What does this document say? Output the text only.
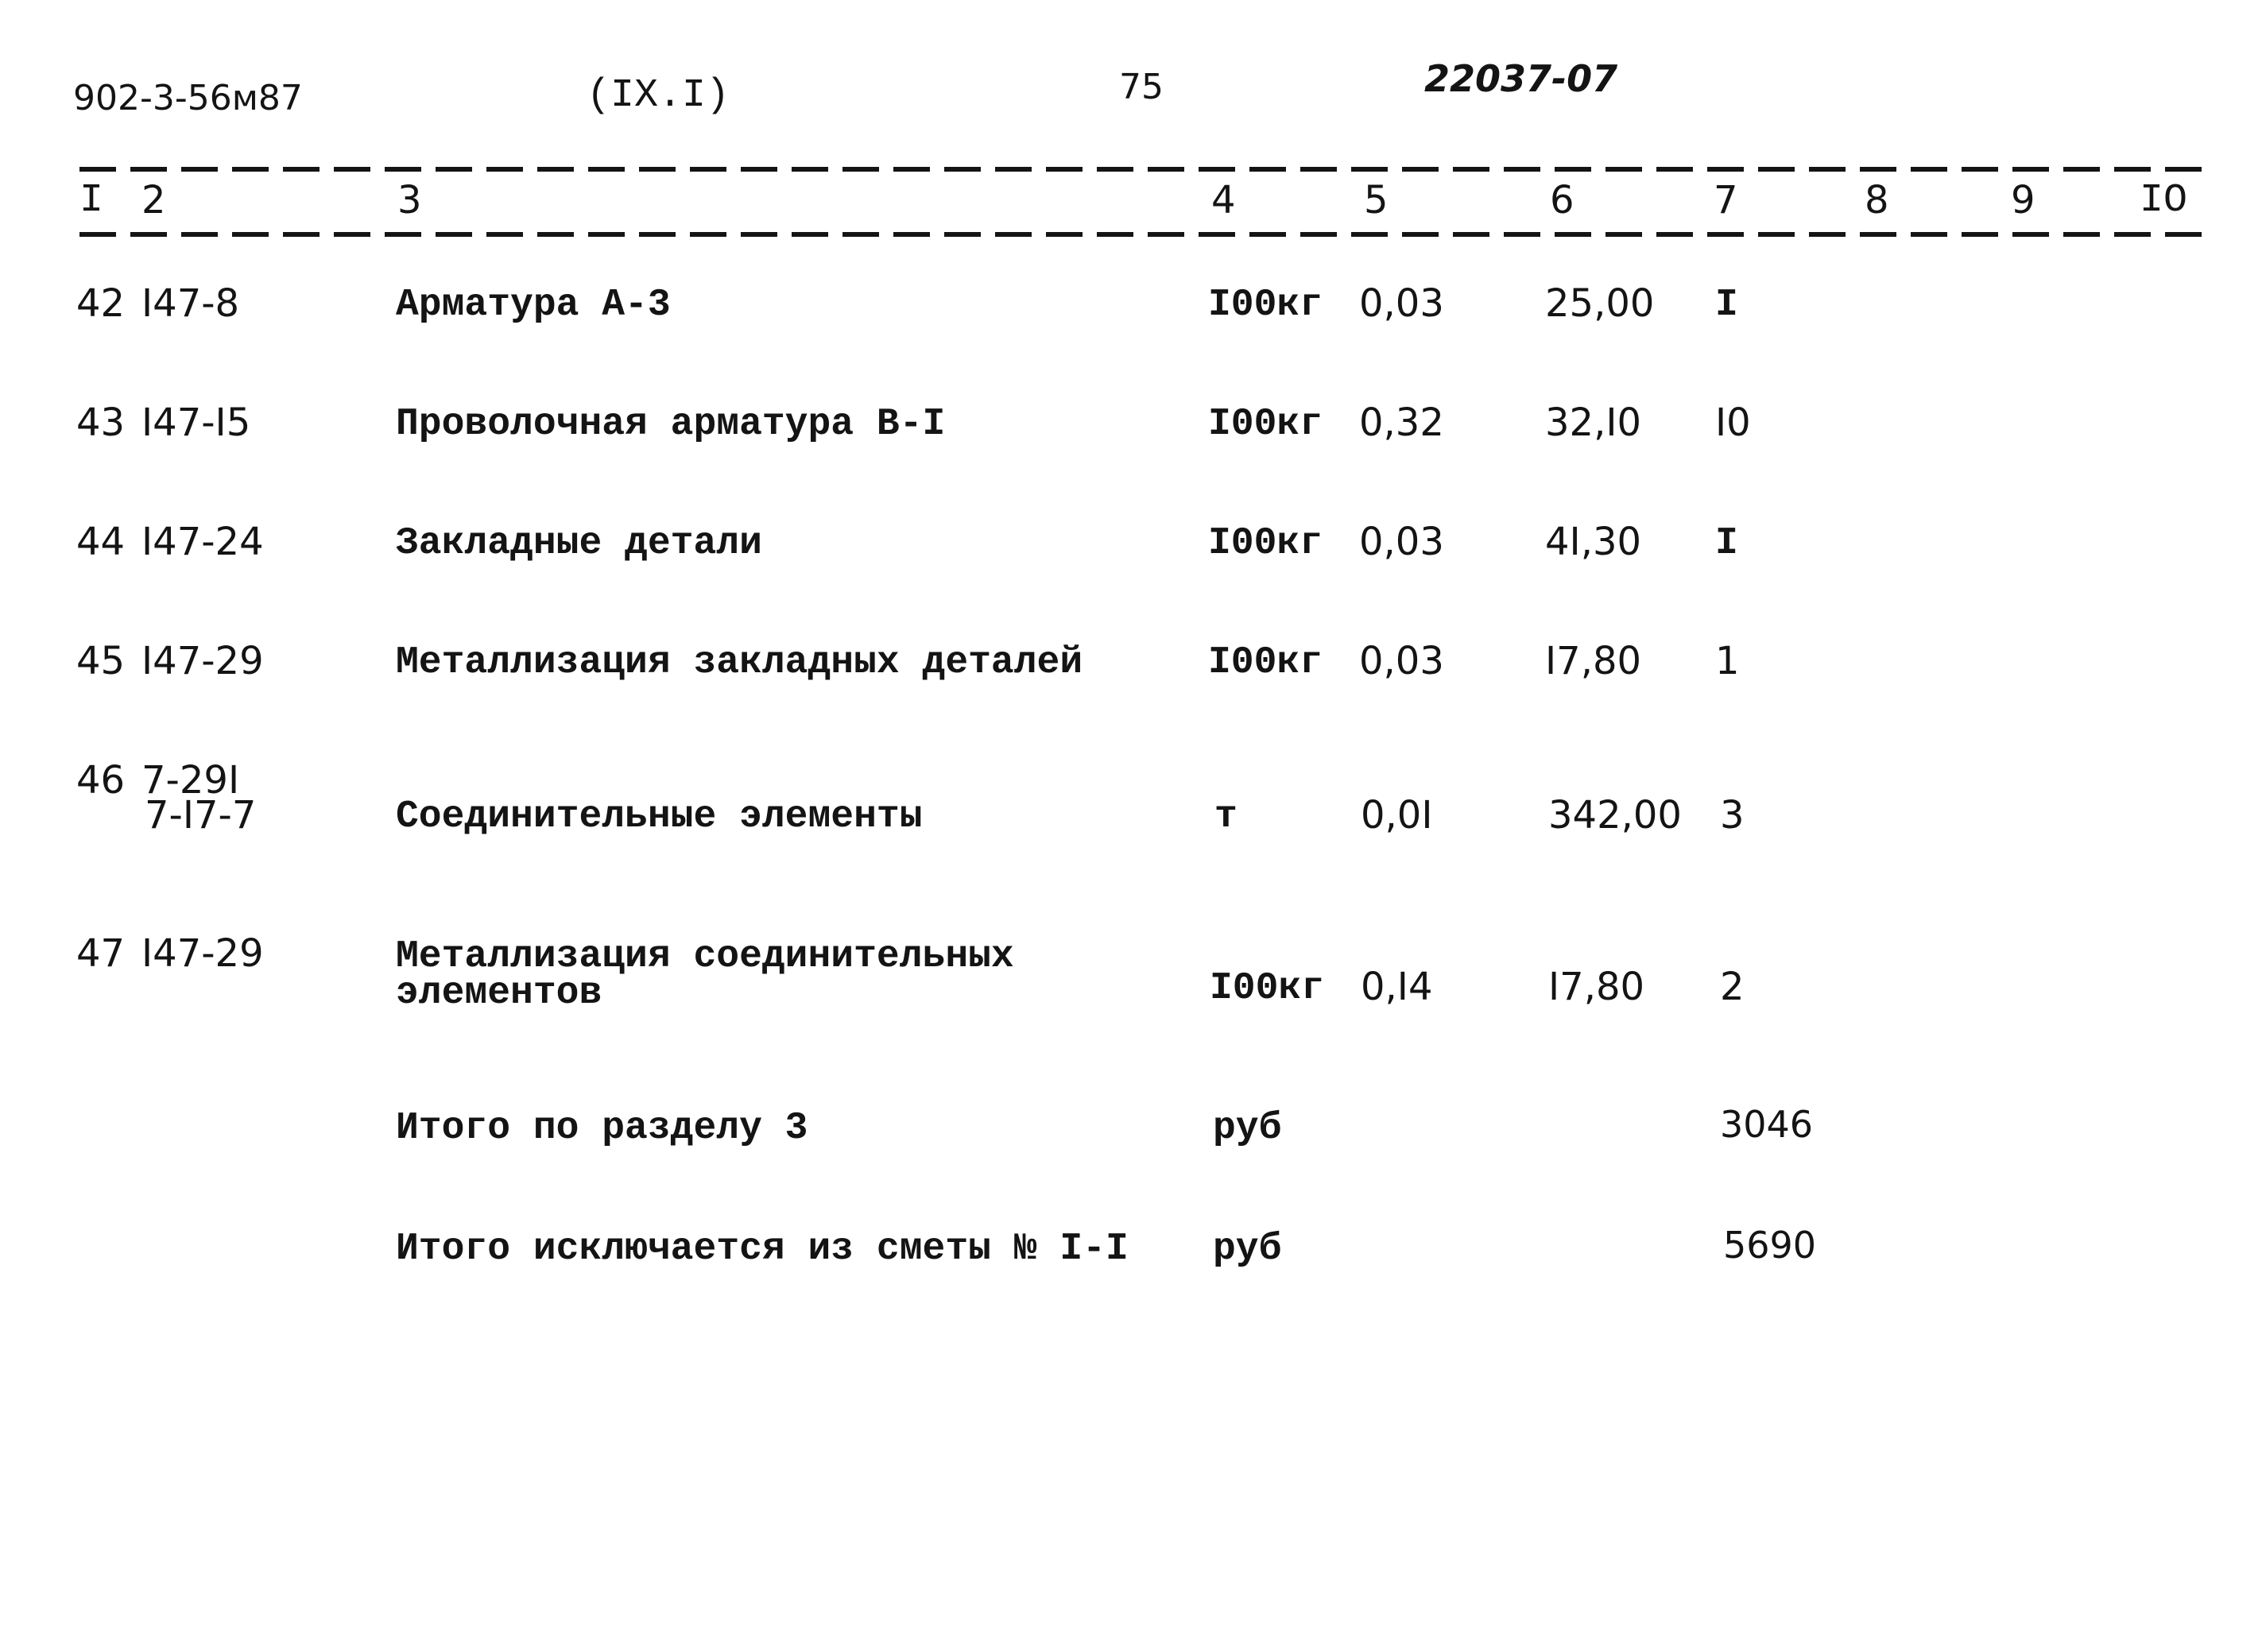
902-3-56м87	(IX.I)	75	22037-07
I 2	3	4	5	6	7	8	9	IO
42 I47-8	Арматура А-3	I00кг 0,03	25,00 I
43 I47-I5	Проволочная арматура В-I	I00кг 0,32	32,I0 I0
44 I47-24	Закладные детали	I00кг 0,03	4I,30 I
45 I47-29	Металлизация закладных деталей	I00кг 0,03	I7,80 1
46 7-29I
7-I7-7	Соединительные элементы	т	0,0I	342,00 3
47 I47-29	Металлизация соединительных
элементов	I00кг 0,I4	I7,80 2
Итого по разделу 3	руб	3046
Итого исключается из сметы № I-I руб	5690
